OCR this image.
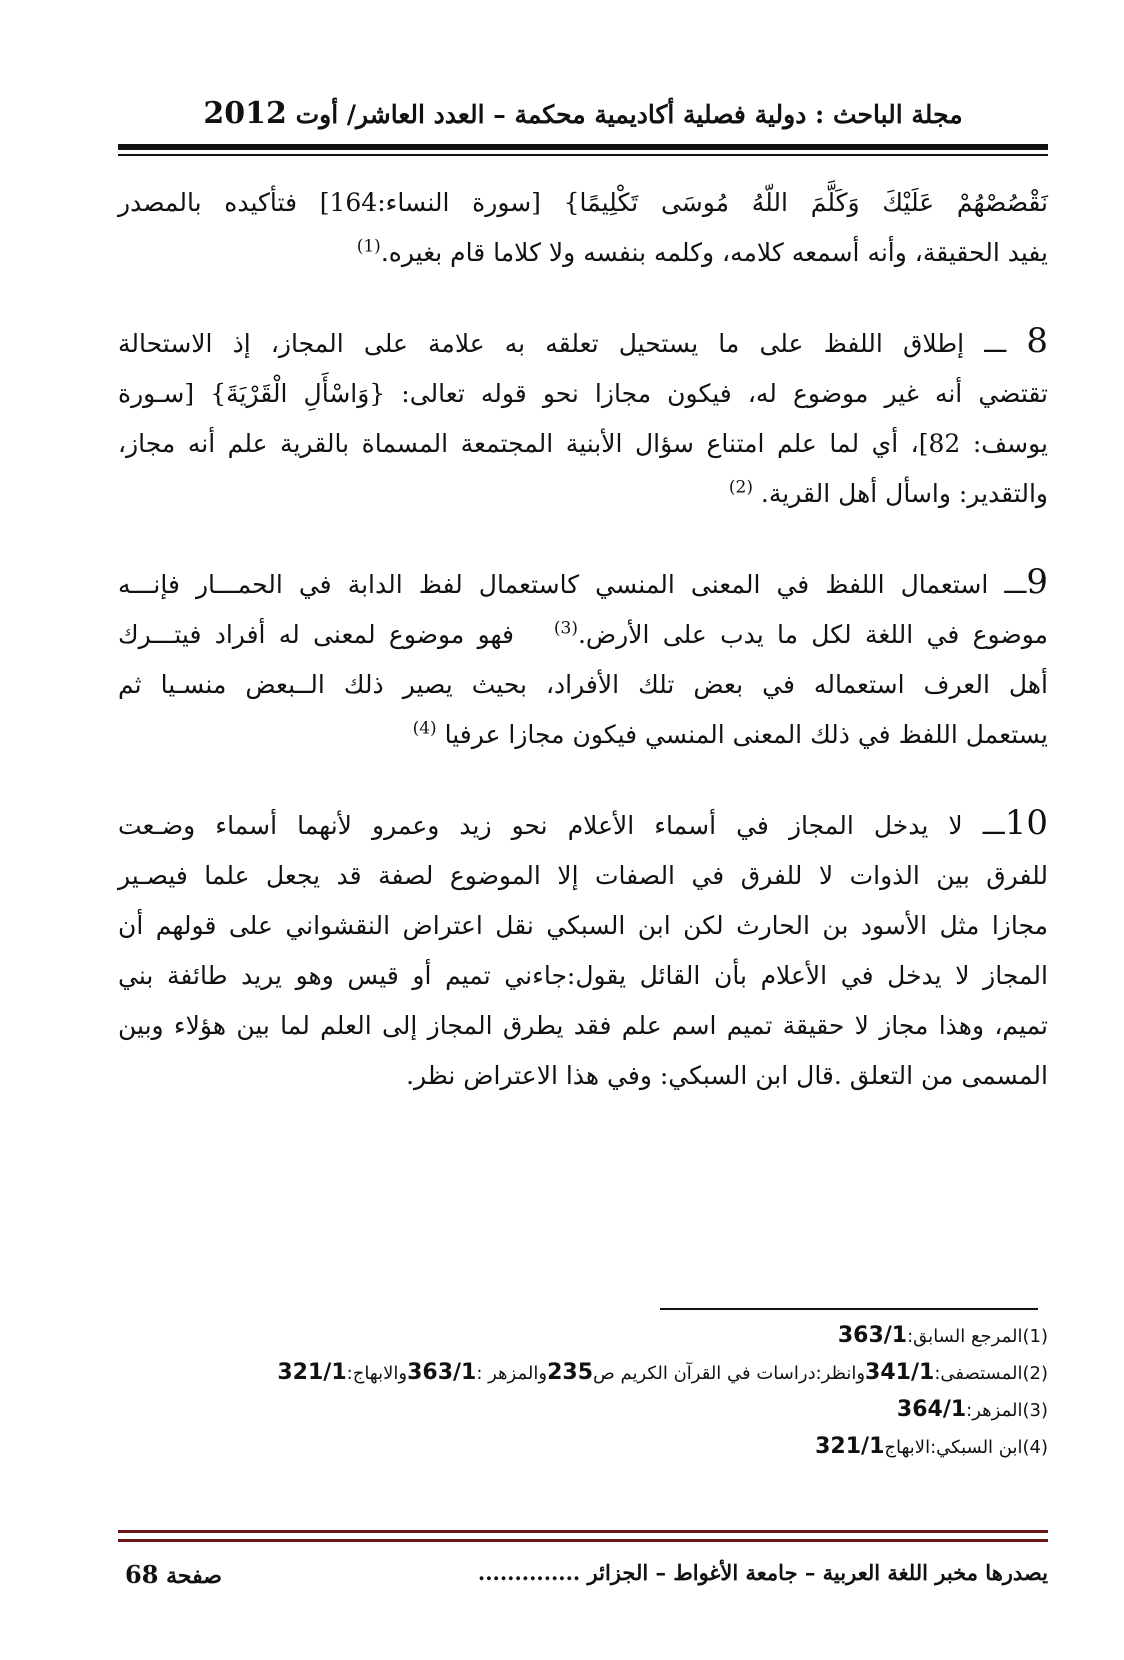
مجلة الباحث : دولية فصلية أكاديمية محكمة – العدد العاشر/ أوت 2012

نَقْصُصْهُمْ عَلَيْكَ وَكَلَّمَ اللّهُ مُوسَى تَكْلِيمًا} [سورة النساء:164] فتأكيده بالمصدر
يفيد الحقيقة، وأنه أسمعه كلامه، وكلمه بنفسه ولا كلاما قام بغيره.$^{(1)}$

8 ـــ إطلاق اللفظ على ما يستحيل تعلقه به علامة على المجاز، إذ الاستحالة
تقتضي أنه غير موضوع له، فيكون مجازا نحو قوله تعالى: {وَاسْأَلِ الْقَرْيَةَ} [سـورة
يوسف: 82]، أي لما علم امتناع سؤال الأبنية المجتمعة المسماة بالقرية علم أنه مجاز،
والتقدير: واسأل أهل القرية. $^{(2)}$

9ـــ استعمال اللفظ في المعنى المنسي كاستعمال لفظ الدابة في الحمـــار فإنـــه
موضوع في اللغة لكل ما يدب على الأرض.$^{(3)}$   فهو موضوع لمعنى له أفراد فيتـــرك
أهل العرف استعماله في بعض تلك الأفراد، بحيث يصير ذلك الــبعض منسـيا ثم
يستعمل اللفظ في ذلك المعنى المنسي فيكون مجازا عرفيا $^{(4)}$

10ـــ لا يدخل المجاز في أسماء الأعلام نحو زيد وعمرو لأنهما أسماء وضـعت
للفرق بين الذوات لا للفرق في الصفات إلا الموضوع لصفة قد يجعل علما فيصـير
مجازا مثل الأسود بن الحارث لكن ابن السبكي نقل اعتراض النقشواني على قولهم أن
المجاز لا يدخل في الأعلام بأن القائل يقول:جاءني تميم أو قيس وهو يريد طائفة بني
تميم، وهذا مجاز لا حقيقة تميم اسم علم فقد يطرق المجاز إلى العلم لما بين هؤلاء وبين
المسمى من التعلق .قال ابن السبكي: وفي هذا الاعتراض نظر.

(1)المرجع السابق:363/1
(2)المستصفى:341/1وانظر:دراسات في القرآن الكريم ص235والمزهر :363/1والابهاج:321/1
(3)المزهر:364/1
(4)ابن السبكي:الابهاج321/1
يصدرها مخبر اللغة العربية – جامعة الأغواط – الجزائر ..............
صفحة 68
